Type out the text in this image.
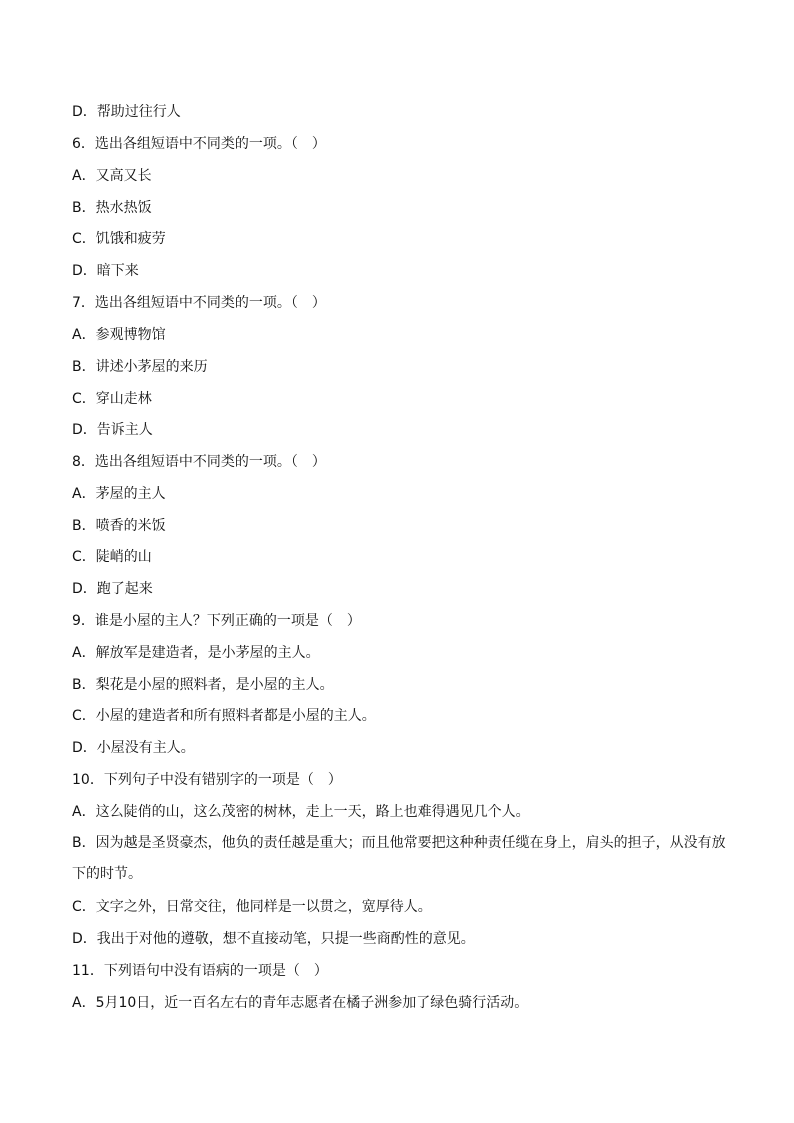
D．帮助过往行人
6．选出各组短语中不同类的一项。（　）
A．又高又长
B．热水热饭
C．饥饿和疲劳
D．暗下来
7．选出各组短语中不同类的一项。（　）
A．参观博物馆
B．讲述小茅屋的来历
C．穿山走林
D．告诉主人
8．选出各组短语中不同类的一项。（　）
A．茅屋的主人
B．喷香的米饭
C．陡峭的山
D．跑了起来
9．谁是小屋的主人？下列正确的一项是（　）
A．解放军是建造者，是小茅屋的主人。
B．梨花是小屋的照料者，是小屋的主人。
C．小屋的建造者和所有照料者都是小屋的主人。
D．小屋没有主人。
10．下列句子中没有错别字的一项是（　）
A．这么陡俏的山，这么茂密的树林，走上一天，路上也难得遇见几个人。
B．因为越是圣贤豪杰，他负的责任越是重大；而且他常要把这种种责任缆在身上，肩头的担子，从没有放下的时节。
C．文字之外，日常交往，他同样是一以贯之，宽厚待人。
D．我出于对他的遵敬，想不直接动笔，只提一些商酌性的意见。
11．下列语句中没有语病的一项是（　）
A．5月10日，近一百名左右的青年志愿者在橘子洲参加了绿色骑行活动。
